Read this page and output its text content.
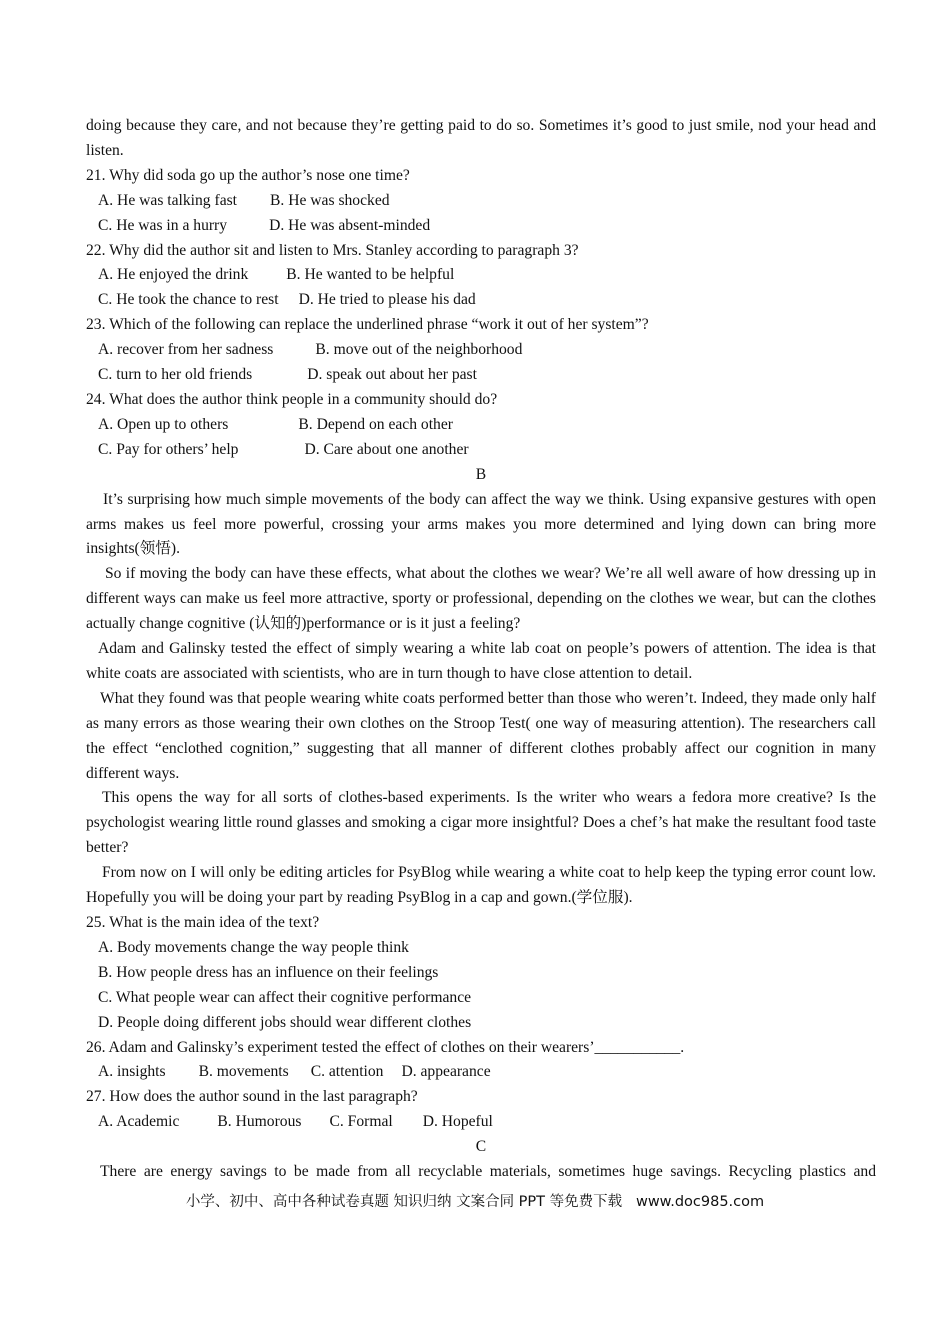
doing because they care, and not because they’re getting paid to do so. Sometimes it’s good to just smile, nod your head and listen.

21. Why did soda go up the author’s nose one time?

A. He was talking fast B. He was shocked

C. He was in a hurry	D. He was absent-minded

22. Why did the author sit and listen to Mrs. Stanley according to paragraph 3?

A. He enjoyed the drink B. He wanted to be helpful

C. He took the chance to rest D. He tried to please his dad

23. Which of the following can replace the underlined phrase “work it out of her system”?

A. recover from her sadness	B. move out of the neighborhood

C. turn to her old friends	D. speak out about her past

24. What does the author think people in a community should do?

A. Open up to others	B. Depend on each other

C. Pay for others’ help	D. Care about one another

B

It’s surprising how much simple movements of the body can affect the way we think. Using expansive gestures with open arms makes us feel more powerful, crossing your arms makes you more determined and lying down can bring more insights(领悟).

So if moving the body can have these effects, what about the clothes we wear? We’re all well aware of how dressing up in different ways can make us feel more attractive, sporty or professional, depending on the clothes we wear, but can the clothes actually change cognitive (认知的)performance or is it just a feeling?

Adam and Galinsky tested the effect of simply wearing a white lab coat on people’s powers of attention. The idea is that white coats are associated with scientists, who are in turn though to have close attention to detail.

What they found was that people wearing white coats performed better than those who weren’t. Indeed, they made only half as many errors as those wearing their own clothes on the Stroop Test( one way of measuring attention). The researchers call the effect “enclothed cognition,” suggesting that all manner of different clothes probably affect our cognition in many different ways.

This opens the way for all sorts of clothes-based experiments. Is the writer who wears a fedora more creative? Is the psychologist wearing little round glasses and smoking a cigar more insightful? Does a chef’s hat make the resultant food taste better?

From now on I will only be editing articles for PsyBlog while wearing a white coat to help keep the typing error count low. Hopefully you will be doing your part by reading PsyBlog in a cap and gown.(学位服).

25. What is the main idea of the text?

A. Body movements change the way people think

B. How people dress has an influence on their feelings

C. What people wear can affect their cognitive performance

D. People doing different jobs should wear different clothes

26. Adam and Galinsky’s experiment tested the effect of clothes on their wearers’___________.

A. insights B. movements C. attention D. appearance

27. How does the author sound in the last paragraph?

A. Academic B. Humorous C. Formal D. Hopeful

C

There are energy savings to be made from all recyclable materials, sometimes huge savings. Recycling plastics and

小学、初中、高中各种试卷真题 知识归纳 文案合同 PPT 等免费下载   www.doc985.com
